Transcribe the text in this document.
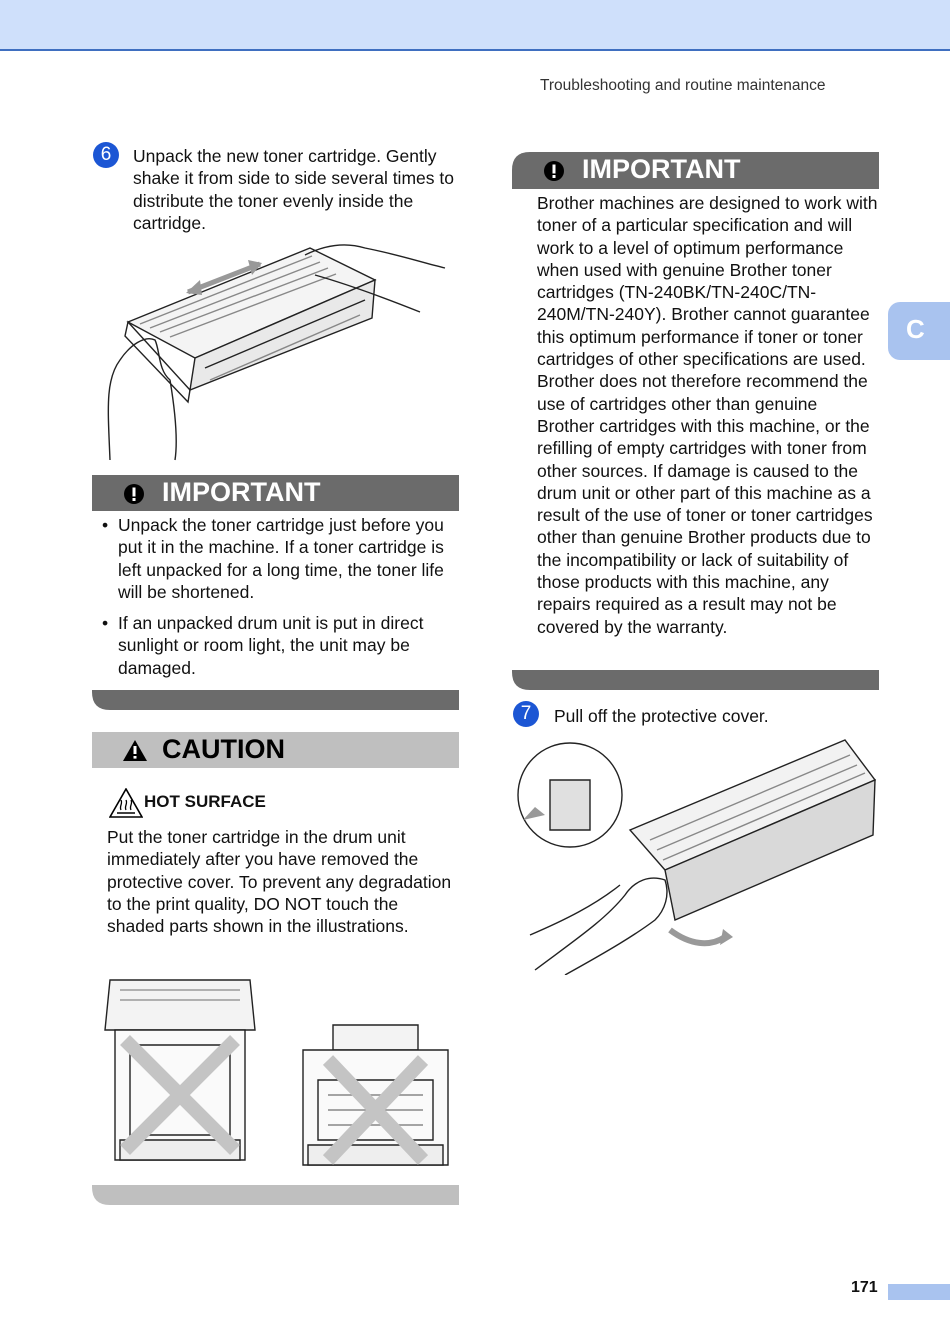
Troubleshooting and routine maintenance
C
6	Unpack the new toner cartridge. Gently shake it from side to side several times to distribute the toner evenly inside the cartridge.

IMPORTANT
• Unpack the toner cartridge just before you put it in the machine. If a toner cartridge is left unpacked for a long time, the toner life will be shortened.
• If an unpacked drum unit is put in direct sunlight or room light, the unit may be damaged.
CAUTION
HOT SURFACE

Put the toner cartridge in the drum unit immediately after you have removed the protective cover. To prevent any degradation to the print quality, DO NOT touch the shaded parts shown in the illustrations.

IMPORTANT

Brother machines are designed to work with toner of a particular specification and will work to a level of optimum performance when used with genuine Brother toner cartridges (TN-240BK/TN-240C/TN-240M/TN-240Y). Brother cannot guarantee this optimum performance if toner or toner cartridges of other specifications are used. Brother does not therefore recommend the use of cartridges other than genuine Brother cartridges with this machine, or the refilling of empty cartridges with toner from other sources. If damage is caused to the drum unit or other part of this machine as a result of the use of toner or toner cartridges other than genuine Brother products due to the incompatibility or lack of suitability of those products with this machine, any repairs required as a result may not be covered by the warranty.

7	Pull off the protective cover.

171
